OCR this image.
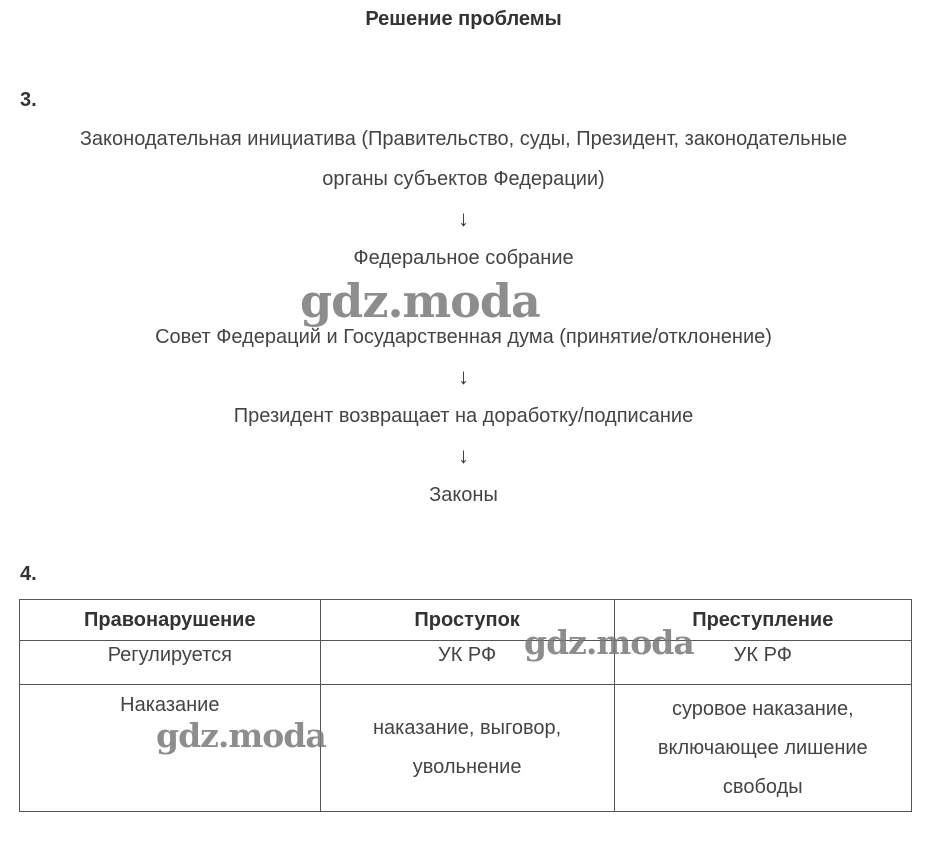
Решение проблемы
3.
Законодательная инициатива (Правительство, суды, Президент, законодательные
органы субъектов Федерации)
↓
Федеральное собрание
Совет Федераций и Государственная дума (принятие/отклонение)
↓
Президент возвращает на доработку/подписание
↓
Законы
4.
Правонарушение	Проступок	Преступление
Регулируется	УК РФ	УК РФ
Наказание	наказание, выговор, увольнение	суровое наказание, включающее лишение свободы
gdz.moda
gdz.moda
gdz.moda
